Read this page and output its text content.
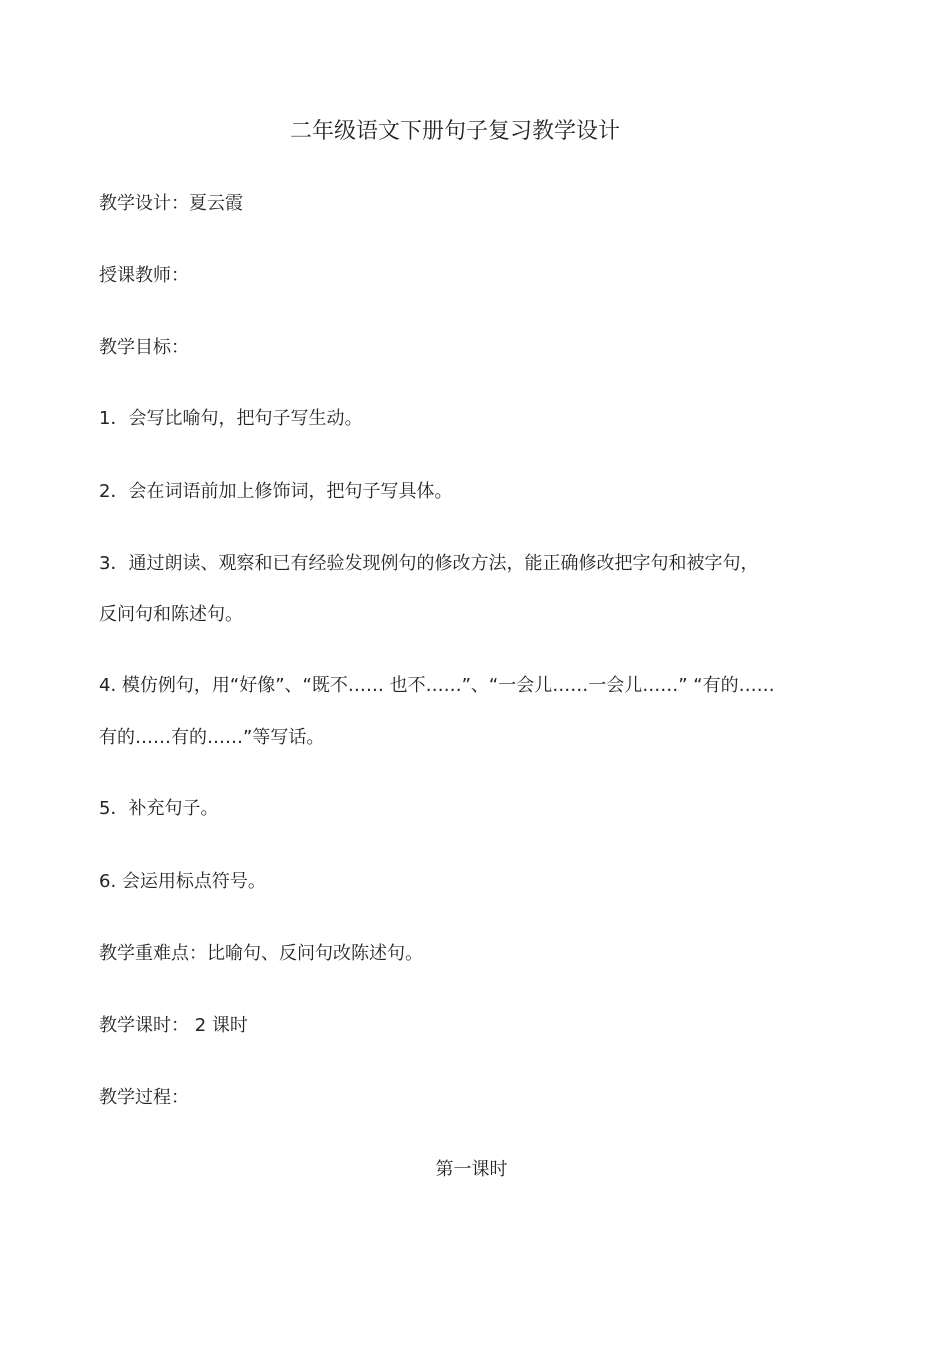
二年级语文下册句子复习教学设计
教学设计：夏云霞
授课教师：
教学目标：
1．会写比喻句，把句子写生动。
2．会在词语前加上修饰词，把句子写具体。
3．通过朗读、观察和已有经验发现例句的修改方法，能正确修改把字句和被字句，
反问句和陈述句。
4. 模仿例句，用“好像”、“既不…… 也不……”、“一会儿……一会儿……” “有的……
有的……有的……”等写话。
5．补充句子。
6. 会运用标点符号。
教学重难点：比喻句、反问句改陈述句。
教学课时： 2 课时
教学过程：
第一课时
